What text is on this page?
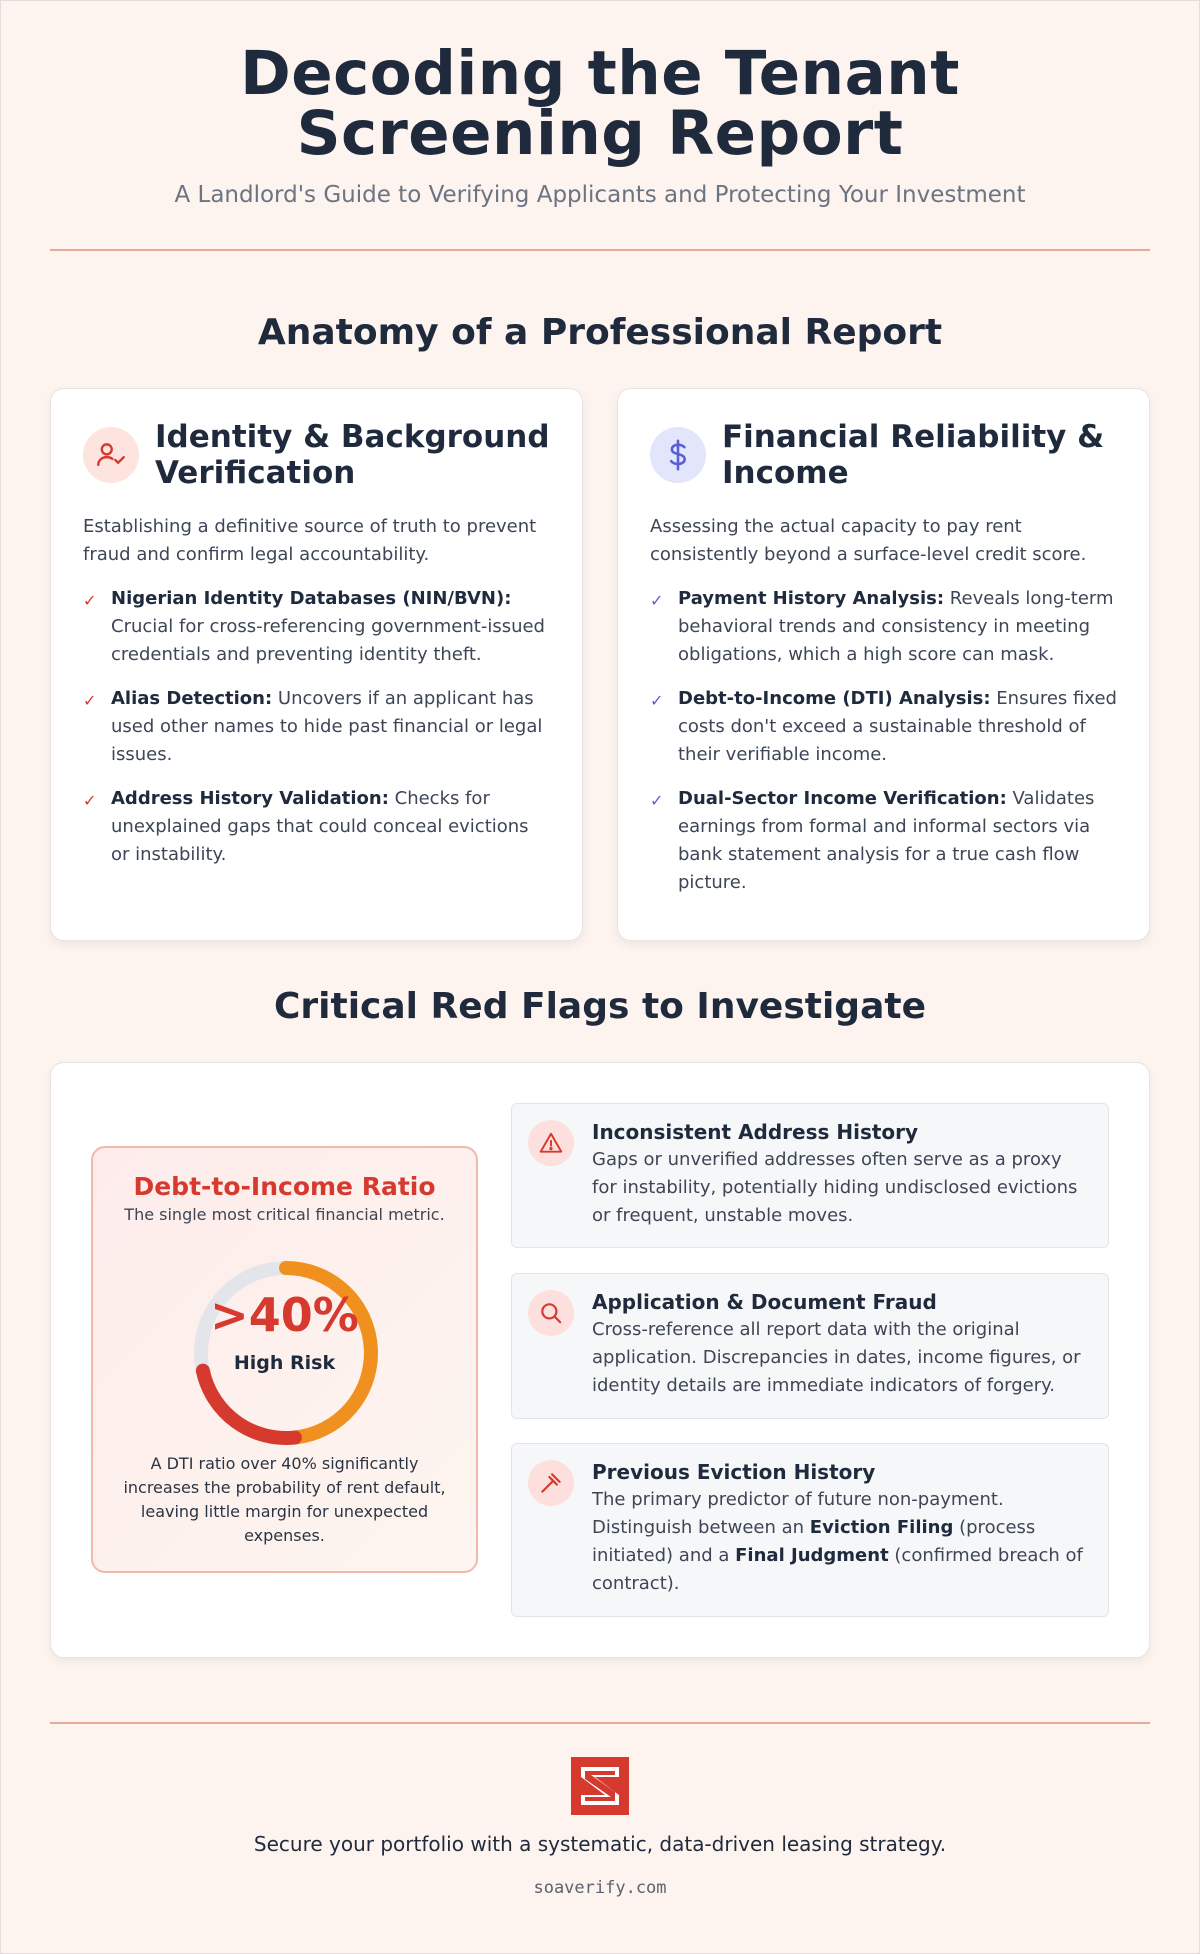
Decoding the Tenant Screening Report
A Landlord's Guide to Verifying Applicants and Protecting Your Investment
Anatomy of a Professional Report
Identity & Background Verification
Establishing a definitive source of truth to prevent fraud and confirm legal accountability.
✓ Nigerian Identity Databases (NIN/BVN): Crucial for cross-referencing government-issued credentials and preventing identity theft.
✓ Alias Detection: Uncovers if an applicant has used other names to hide past financial or legal issues.
✓ Address History Validation: Checks for unexplained gaps that could conceal evictions or instability.
Financial Reliability & Income
Assessing the actual capacity to pay rent consistently beyond a surface-level credit score.
✓ Payment History Analysis: Reveals long-term behavioral trends and consistency in meeting obligations, which a high score can mask.
✓ Debt-to-Income (DTI) Analysis: Ensures fixed costs don't exceed a sustainable threshold of their verifiable income.
✓ Dual-Sector Income Verification: Validates earnings from formal and informal sectors via bank statement analysis for a true cash flow picture.
Critical Red Flags to Investigate
Debt-to-Income Ratio
The single most critical financial metric.
>40%
High Risk
A DTI ratio over 40% significantly increases the probability of rent default, leaving little margin for unexpected expenses.
Inconsistent Address History
Gaps or unverified addresses often serve as a proxy for instability, potentially hiding undisclosed evictions or frequent, unstable moves.
Application & Document Fraud
Cross-reference all report data with the original application. Discrepancies in dates, income figures, or identity details are immediate indicators of forgery.
Previous Eviction History
The primary predictor of future non-payment. Distinguish between an Eviction Filing (process initiated) and a Final Judgment (confirmed breach of contract).
Secure your portfolio with a systematic, data-driven leasing strategy.
soaverify.com
